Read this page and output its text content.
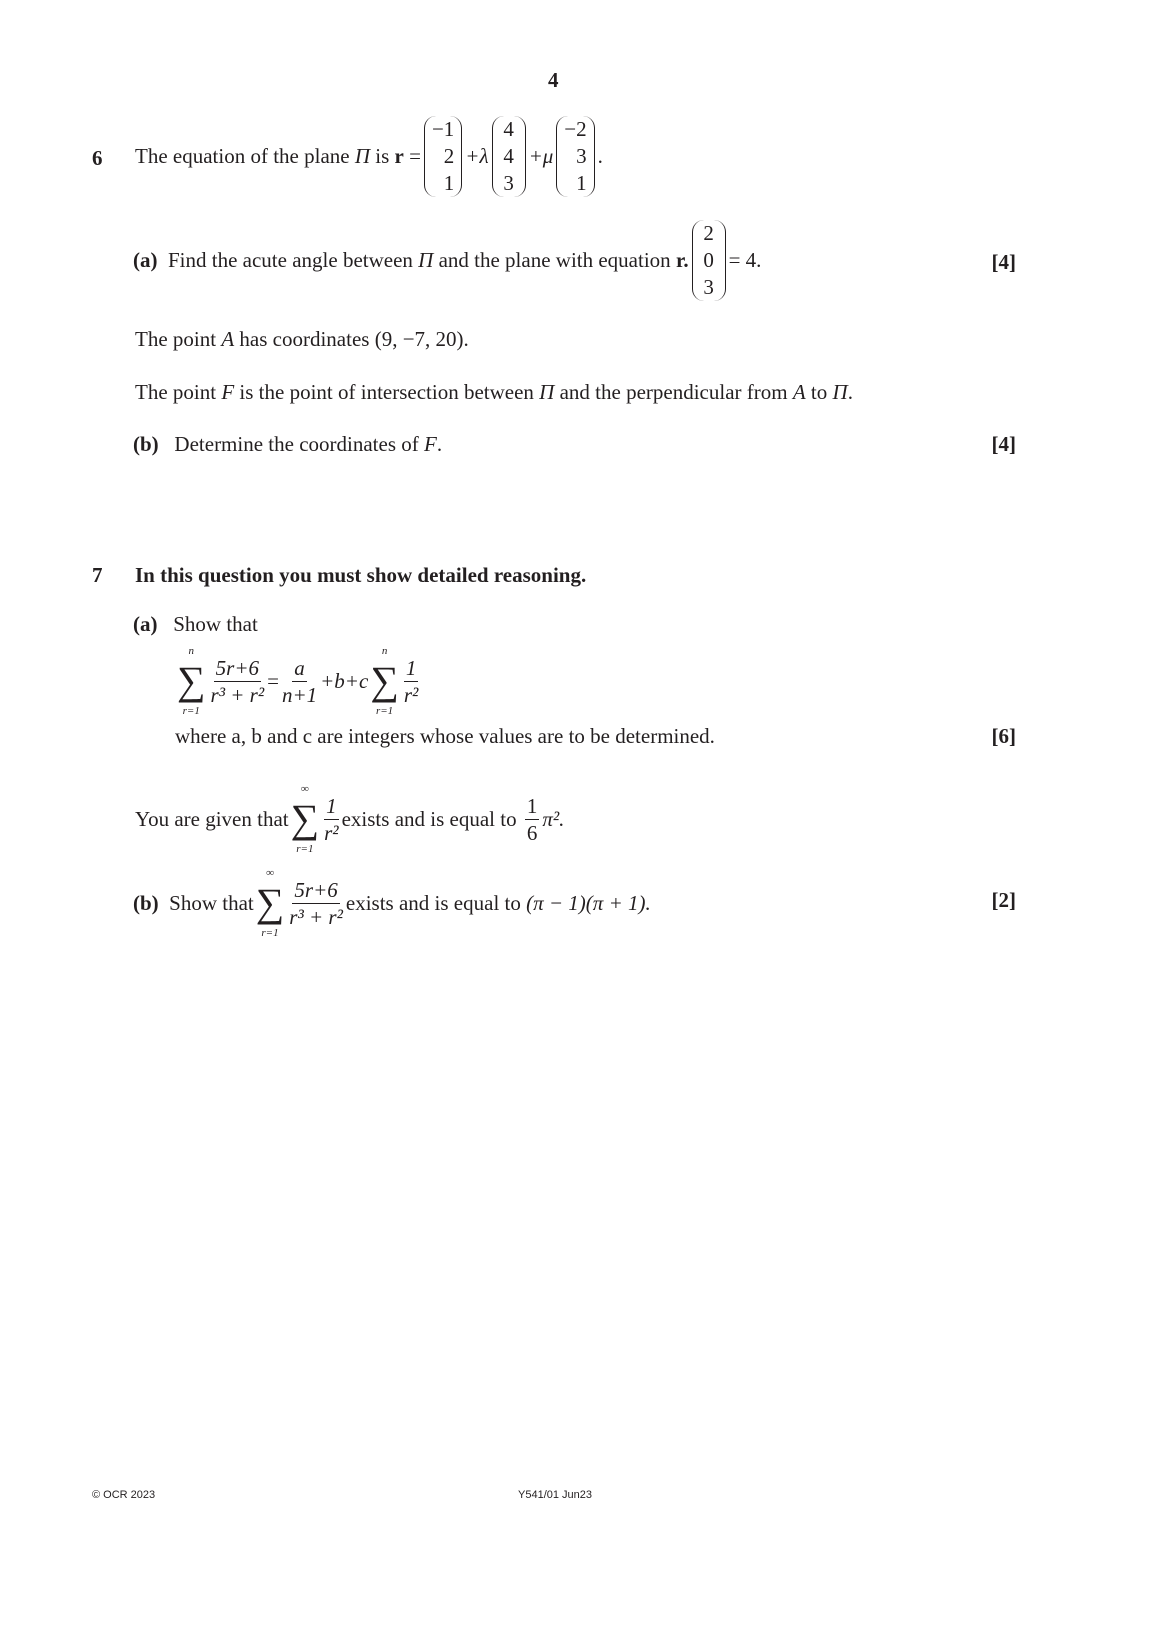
4
6 The equation of the plane
Π
is
r
=
−1
2
1
+λ
4
4
3
+μ
−2
3
1
.
(a)
Find the acute angle between
Π
and the plane with equation
r.
2
0
3
= 4.	[4]
The point A has coordinates (9, −7, 20).
The point F is the point of intersection between Π and the perpendicular from A to Π.
(b) Determine the coordinates of F.	[4]
7 In this question you must show detailed reasoning.
(a) Show that
n
∑
r=1
$\frac{5r+6}{\text{r³ + r²}} = \frac{a}{n+1} +b+c$
n
∑
r=1
$\frac{1}{\text{r²}}$
where a, b and c are integers whose values are to be determined.	[6]
You are given that
∞
∑
r=1
$\frac{1}{\text{r²}}$ exists and is equal to
$\frac{1}{6} \pi^2$.
(b)
Show that
∞
∑
r=1
$\frac{5r+6}{\text{r³ + r²}}$ exists and is equal to
(π − 1)(π + 1).	[2]
© OCR 2023	Y541/01 Jun23
